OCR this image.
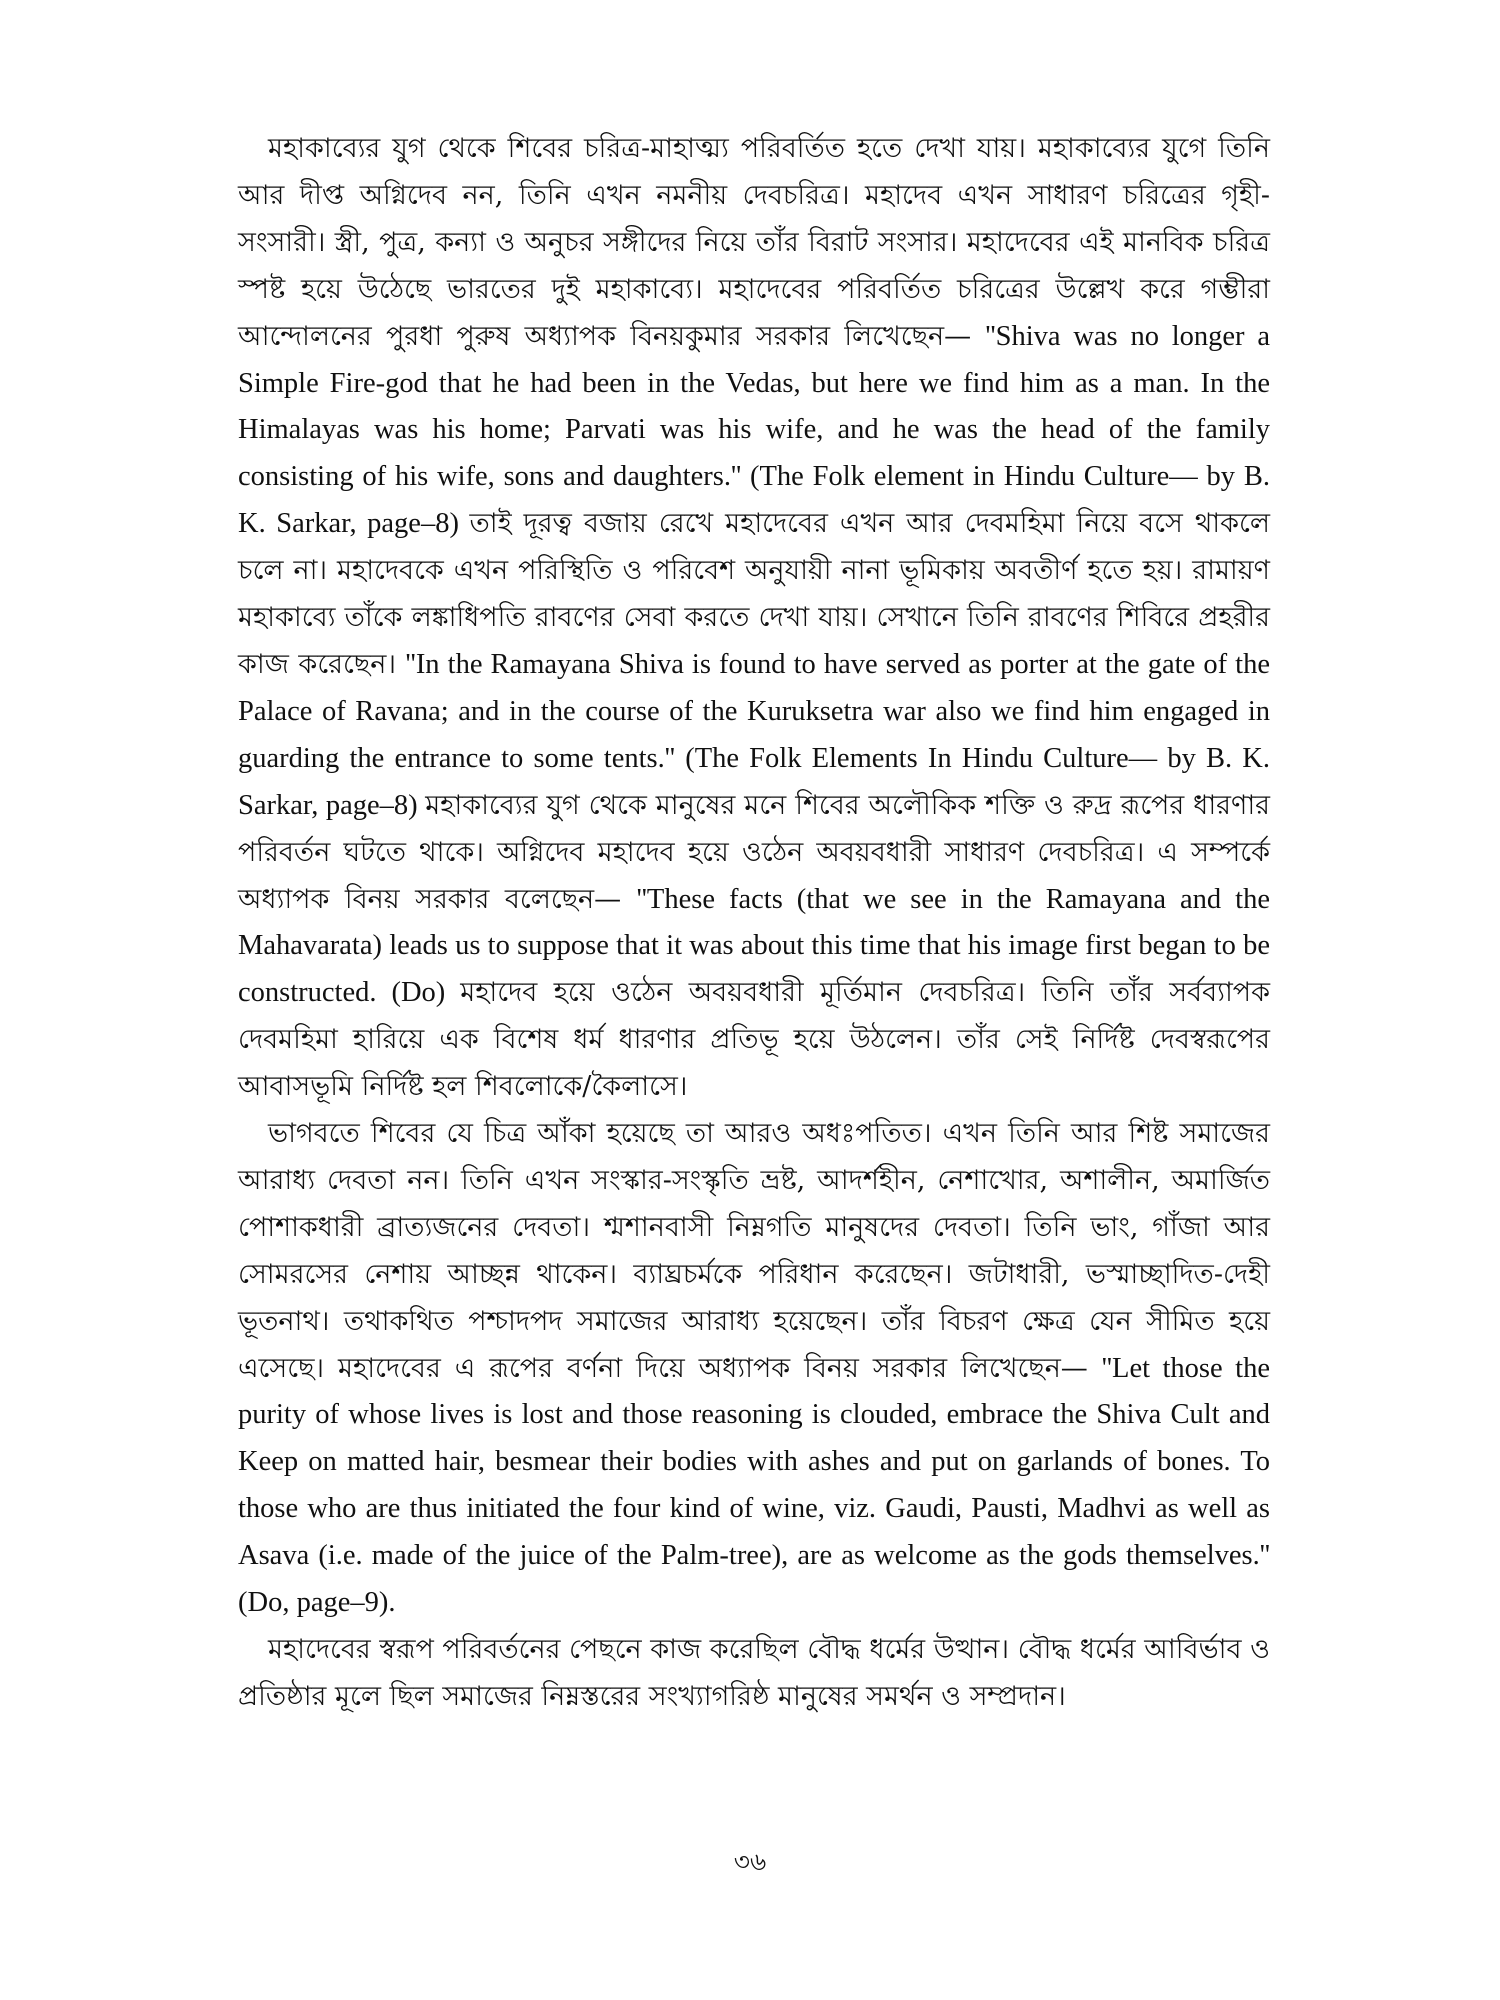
মহাকাব্যের যুগ থেকে শিবের চরিত্র-মাহাত্ম্য পরিবর্তিত হতে দেখা যায়। মহাকাব্যের যুগে তিনি আর দীপ্ত অগ্নিদেব নন, তিনি এখন নমনীয় দেবচরিত্র। মহাদেব এখন সাধারণ চরিত্রের গৃহী-সংসারী। স্ত্রী, পুত্র, কন্যা ও অনুচর সঙ্গীদের নিয়ে তাঁর বিরাট সংসার। মহাদেবের এই মানবিক চরিত্র স্পষ্ট হয়ে উঠেছে ভারতের দুই মহাকাব্যে। মহাদেবের পরিবর্তিত চরিত্রের উল্লেখ করে গম্ভীরা আন্দোলনের পুরধা পুরুষ অধ্যাপক বিনয়কুমার সরকার লিখেছেন— ''Shiva was no longer a Simple Fire-god that he had been in the Vedas, but here we find him as a man. In the Himalayas was his home; Parvati was his wife, and he was the head of the family consisting of his wife, sons and daughters.'' (The Folk element in Hindu Culture— by B. K. Sarkar, page–8) তাই দূরত্ব বজায় রেখে মহাদেবের এখন আর দেবমহিমা নিয়ে বসে থাকলে চলে না। মহাদেবকে এখন পরিস্থিতি ও পরিবেশ অনুযায়ী নানা ভূমিকায় অবতীর্ণ হতে হয়। রামায়ণ মহাকাব্যে তাঁকে লঙ্কাধিপতি রাবণের সেবা করতে দেখা যায়। সেখানে তিনি রাবণের শিবিরে প্রহরীর কাজ করেছেন। ''In the Ramayana Shiva is found to have served as porter at the gate of the Palace of Ravana; and in the course of the Kuruksetra war also we find him engaged in guarding the entrance to some tents.'' (The Folk Elements In Hindu Culture— by B. K. Sarkar, page–8) মহাকাব্যের যুগ থেকে মানুষের মনে শিবের অলৌকিক শক্তি ও রুদ্র রূপের ধারণার পরিবর্তন ঘটতে থাকে। অগ্নিদেব মহাদেব হয়ে ওঠেন অবয়বধারী সাধারণ দেবচরিত্র। এ সম্পর্কে অধ্যাপক বিনয় সরকার বলেছেন— ''These facts (that we see in the Ramayana and the Mahavarata) leads us to suppose that it was about this time that his image first began to be constructed. (Do) মহাদেব হয়ে ওঠেন অবয়বধারী মূর্তিমান দেবচরিত্র। তিনি তাঁর সর্বব্যাপক দেবমহিমা হারিয়ে এক বিশেষ ধর্ম ধারণার প্রতিভূ হয়ে উঠলেন। তাঁর সেই নির্দিষ্ট দেবস্বরূপের আবাসভূমি নির্দিষ্ট হল শিবলোকে/কৈলাসে।

ভাগবতে শিবের যে চিত্র আঁকা হয়েছে তা আরও অধঃপতিত। এখন তিনি আর শিষ্ট সমাজের আরাধ্য দেবতা নন। তিনি এখন সংস্কার-সংস্কৃতি ভ্রষ্ট, আদর্শহীন, নেশাখোর, অশালীন, অমার্জিত পোশাকধারী ব্রাত্যজনের দেবতা। শ্মশানবাসী নিম্নগতি মানুষদের দেবতা। তিনি ভাং, গাঁজা আর সোমরসের নেশায় আচ্ছন্ন থাকেন। ব্যাঘ্রচর্মকে পরিধান করেছেন। জটাধারী, ভস্মাচ্ছাদিত-দেহী ভূতনাথ। তথাকথিত পশ্চাদপদ সমাজের আরাধ্য হয়েছেন। তাঁর বিচরণ ক্ষেত্র যেন সীমিত হয়ে এসেছে। মহাদেবের এ রূপের বর্ণনা দিয়ে অধ্যাপক বিনয় সরকার লিখেছেন— ''Let those the purity of whose lives is lost and those reasoning is clouded, embrace the Shiva Cult and Keep on matted hair, besmear their bodies with ashes and put on garlands of bones. To those who are thus initiated the four kind of wine, viz. Gaudi, Pausti, Madhvi as well as Asava (i.e. made of the juice of the Palm-tree), are as welcome as the gods themselves.'' (Do, page–9).

মহাদেবের স্বরূপ পরিবর্তনের পেছনে কাজ করেছিল বৌদ্ধ ধর্মের উত্থান। বৌদ্ধ ধর্মের আবির্ভাব ও প্রতিষ্ঠার মূলে ছিল সমাজের নিম্নস্তরের সংখ্যাগরিষ্ঠ মানুষের সমর্থন ও সম্প্রদান।

৩৬
